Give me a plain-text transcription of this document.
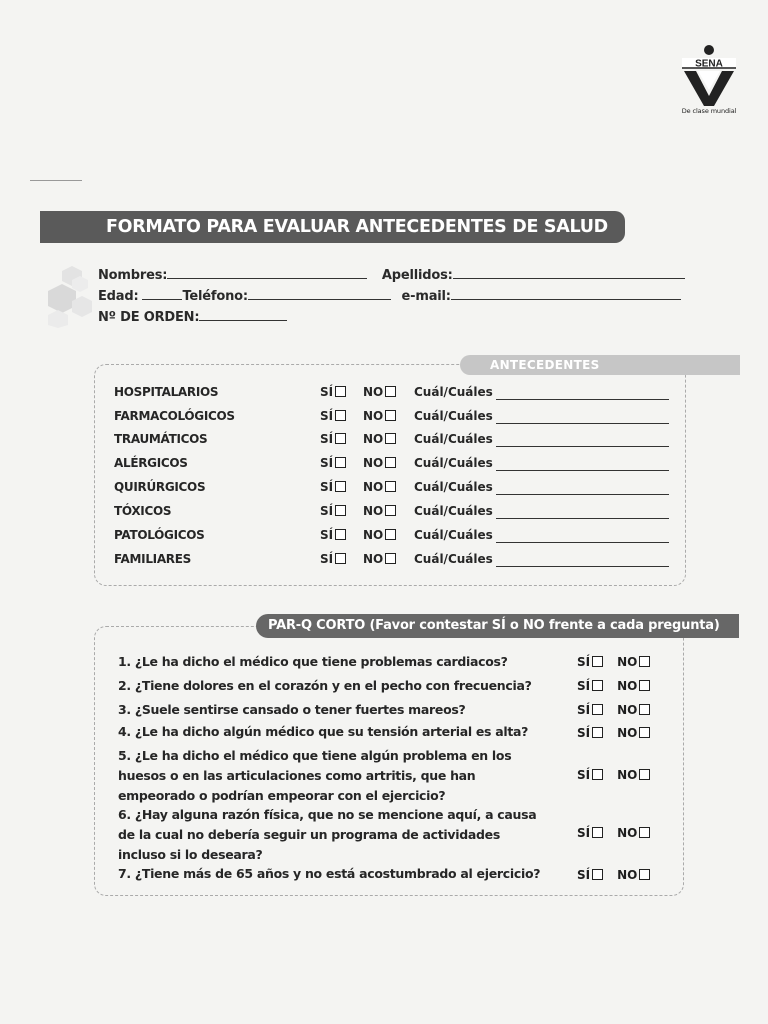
SENA
De clase mundial
FORMATO PARA EVALUAR ANTECEDENTES DE SALUD
Nombres:	Apellidos:
Edad:	Teléfono:	e-mail:
Nº DE ORDEN:
ANTECEDENTES
HOSPITALARIOS	SÍ	NO	Cuál/Cuáles
FARMACOLÓGICOS	SÍ	NO	Cuál/Cuáles
TRAUMÁTICOS	SÍ	NO	Cuál/Cuáles
ALÉRGICOS	SÍ	NO	Cuál/Cuáles
QUIRÚRGICOS	SÍ	NO	Cuál/Cuáles
TÓXICOS	SÍ	NO	Cuál/Cuáles
PATOLÓGICOS	SÍ	NO	Cuál/Cuáles
FAMILIARES	SÍ	NO	Cuál/Cuáles
PAR-Q CORTO (Favor contestar SÍ o NO frente a cada pregunta)
1. ¿Le ha dicho el médico que tiene problemas cardiacos?	SÍ NO
2. ¿Tiene dolores en el corazón y en el pecho con frecuencia?	SÍ NO
3. ¿Suele sentirse cansado o tener fuertes mareos?	SÍ NO
4. ¿Le ha dicho algún médico que su tensión arterial es alta?	SÍ NO
5. ¿Le ha dicho el médico que tiene algún problema en los huesos o en las articulaciones como artritis, que han empeorado o podrían empeorar con el ejercicio?
SÍ NO
6. ¿Hay alguna razón física, que no se mencione aquí, a causa de la cual no debería seguir un programa de actividades incluso si lo deseara?
SÍ NO
7. ¿Tiene más de 65 años y no está acostumbrado al ejercicio?	SÍ NO
